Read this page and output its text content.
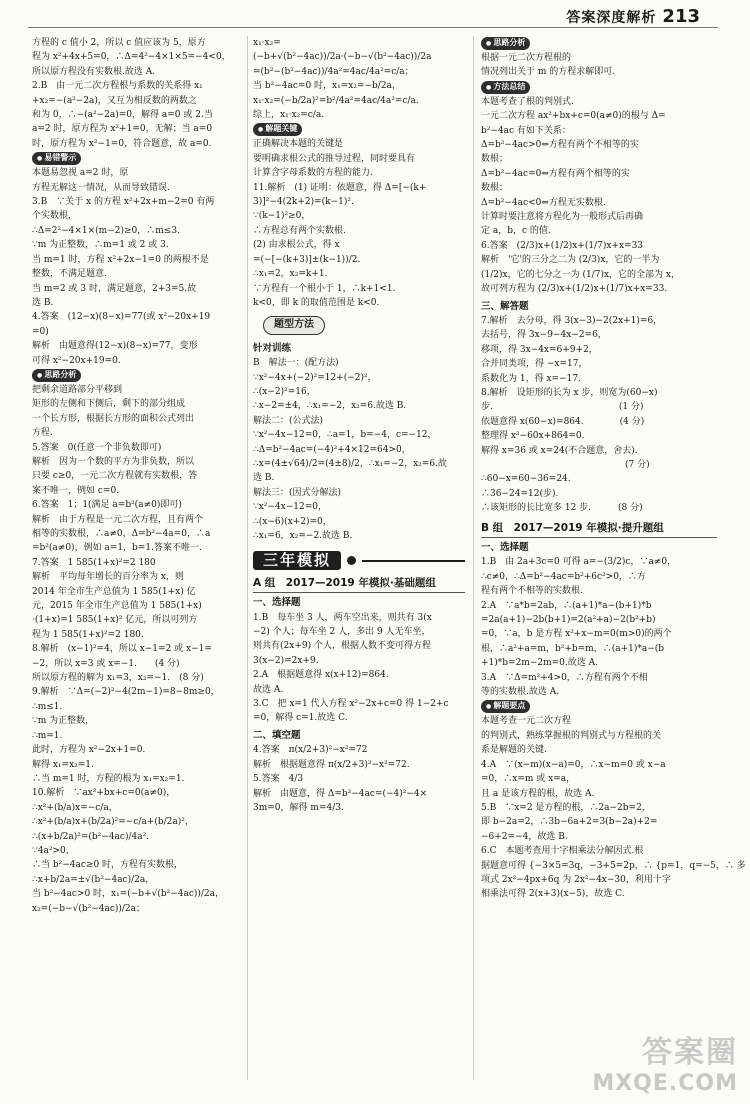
答案深度解析 213
方程的 c 值小 2，所以 c 值应该为 5，原方
程为 x²+4x+5=0，∴Δ=4²−4×1×5=−4<0，
所以原方程没有实数根.故选 A.
2.B　由一元二次方程根与系数的关系得 x₁
+x₂=−(a²−2a)，又互为相反数的两数之
和为 0，∴−(a²−2a)=0，解得 a=0 或 2.当
a=2 时，原方程为 x²+1=0，无解；当 a=0
时，原方程为 x²−1=0，符合题意，故 a=0.
● 易错警示
本题易忽视 a=2 时，原
方程无解这一情况，从而导致错误.
3.B　∵关于 x 的方程 x²+2x+m−2=0 有两
个实数根，
∴Δ=2²−4×1×(m−2)≥0，∴m≤3.
∵m 为正整数，∴m=1 或 2 或 3.
当 m=1 时，方程 x²+2x−1=0 的两根不是
整数，不满足题意.
当 m=2 或 3 时，满足题意，2+3=5.故
选 B.
4.答案　(12−x)(8−x)=77(或 x²−20x+19
=0)
解析　由题意得(12−x)(8−x)=77，变形
可得 x²−20x+19=0.
● 思路分析
把剩余道路部分平移到
矩形的左侧和下侧后，剩下的部分组成
一个长方形，根据长方形的面积公式列出
方程.
5.答案　0(任意一个非负数即可)
解析　因为一个数的平方为非负数，所以
只要 c≥0，一元二次方程就有实数根，答
案不唯一，例如 c=0.
6.答案　1；1(满足 a=b²(a≠0)即可)
解析　由于方程是一元二次方程，且有两个
相等的实数根，∴a≠0，Δ=b²−4a=0，∴a
=b²(a≠0)，例如 a=1，b=1.答案不唯一.
7.答案　1 585(1+x)²=2 180
解析　平均每年增长的百分率为 x，则
2014 年全市生产总值为 1 585(1+x) 亿
元，2015 年全市生产总值为 1 585(1+x)
·(1+x)=1 585(1+x)² 亿元，所以可列方
程为 1 585(1+x)²=2 180.
8.解析　(x−1)²=4，所以 x−1=2 或 x−1=
−2，所以 x=3 或 x=−1.　　(4 分)
所以原方程的解为 x₁=3，x₂=−1.　(8 分)
9.解析　∵Δ=(−2)²−4(2m−1)=8−8m≥0，
∴m≤1.
∵m 为正整数，
∴m=1.
此时，方程为 x²−2x+1=0.
解得 x₁=x₂=1.
∴当 m=1 时，方程的根为 x₁=x₂=1.
10.解析　∵ax²+bx+c=0(a≠0)，
∴x²+(b/a)x=−c/a，
∴x²+(b/a)x+(b/2a)²=−c/a+(b/2a)²，
∴(x+b/2a)²=(b²−4ac)/4a².
∵4a²>0，
∴当 b²−4ac≥0 时，方程有实数根，
∴x+b/2a=±√(b²−4ac)/2a，
当 b²−4ac>0 时，x₁=(−b+√(b²−4ac))/2a，
x₂=(−b−√(b²−4ac))/2a；
x₁·x₂=
(−b+√(b²−4ac))/2a·(−b−√(b²−4ac))/2a
=(b²−(b²−4ac))/4a²=4ac/4a²=c/a；
当 b²−4ac=0 时，x₁=x₂=−b/2a，
x₁·x₂=(−b/2a)²=b²/4a²=4ac/4a²=c/a.
综上，x₁·x₂=c/a.
● 解题关键
正确解决本题的关键是
要明确求根公式的推导过程，同时要具有
计算含字母系数的方程的能力.
11.解析　(1) 证明：依题意，得 Δ=[−(k+
3)]²−4(2k+2)=(k−1)².
∵(k−1)²≥0，
∴方程总有两个实数根.
(2) 由求根公式，得 x
=(−[−(k+3)]±(k−1))/2.
∴x₁=2，x₂=k+1.
∵方程有一个根小于 1，∴k+1<1.
k<0，即 k 的取值范围是 k<0.
题型方法
针对训练
B　解法一：(配方法)
∵x²−4x+(−2)²=12+(−2)²，
∴(x−2)²=16，
∴x−2=±4，∴x₁=−2，x₂=6.故选 B.
解法二：(公式法)
∵x²−4x−12=0，∴a=1，b=−4，c=−12，
∴Δ=b²−4ac=(−4)²+4×12=64>0，
∴x=(4±√64)/2=(4±8)/2，∴x₁=−2，x₂=6.故
选 B.
解法三：(因式分解法)
∵x²−4x−12=0，
∴(x−6)(x+2)=0，
∴x₁=6，x₂=−2.故选 B.
三年模拟
A 组　2017—2019 年模拟·基础题组
一、选择题
1.B　每车坐 3 人，两车空出来，则共有 3(x
−2) 个人；每车坐 2 人，多出 9 人无车坐，
则共有(2x+9) 个人，根据人数不变可得方程
3(x−2)=2x+9.
2.A　根据题意得 x(x+12)=864.
故选 A.
3.C　把 x=1 代入方程 x²−2x+c=0 得 1−2+c
=0，解得 c=1.故选 C.
二、填空题
4.答案　π(x/2+3)²−x²=72
解析　根据题意得 π(x/2+3)²−x²=72.
5.答案　4/3
解析　由题意，得 Δ=b²−4ac=(−4)²−4×
3m=0，解得 m=4/3.
● 思路分析
根据一元二次方程根的
情况列出关于 m 的方程求解即可.
● 方法总结
本题考查了根的判别式.
一元二次方程 ax²+bx+c=0(a≠0)的根与 Δ=
b²−4ac 有如下关系：
Δ=b²−4ac>0⇔方程有两个不相等的实
数根；
Δ=b²−4ac=0⇔方程有两个相等的实
数根；
Δ=b²−4ac<0⇔方程无实数根.
计算时要注意将方程化为一般形式后再确
定 a，b，c 的值.
6.答案　(2/3)x+(1/2)x+(1/7)x+x=33
解析　'它'的三分之二为 (2/3)x，它的一半为
(1/2)x，它的七分之一为 (1/7)x，它的全部为 x，
故可列方程为 (2/3)x+(1/2)x+(1/7)x+x=33.
三、解答题
7.解析　去分母，得 3(x−3)−2(2x+1)=6，
去括号，得 3x−9−4x−2=6，
移项，得 3x−4x=6+9+2，
合并同类项，得 −x=17，
系数化为 1，得 x=−17.
8.解析　设矩形的长为 x 步，则宽为(60−x)
步.　　　　　　　　　　　　　　(1 分)
依题意得 x(60−x)=864.　　　　(4 分)
整理得 x²−60x+864=0.
解得 x=36 或 x=24(不合题意，舍去).
　　　　　　　　　　　　　　　　(7 分)
∴60−x=60−36=24.
∴36−24=12(步).
∴该矩形的长比宽多 12 步.　　　(8 分)
B 组　2017—2019 年模拟·提升题组
一、选择题
1.B　由 2a+3c=0 可得 a=−(3/2)c，∵a≠0，
∴c≠0，∴Δ=b²−4ac=b²+6c²>0，∴方
程有两个不相等的实数根.
2.A　∵a*b=2ab，∴(a+1)*a−(b+1)*b
=2a(a+1)−2b(b+1)=2(a²+a)−2(b²+b)
=0，∵a，b 是方程 x²+x−m=0(m>0)的两个
根，∴a²+a=m，b²+b=m，∴(a+1)*a−(b
+1)*b=2m−2m=0.故选 A.
3.A　∵Δ=m²+4>0，∴方程有两个不相
等的实数根.故选 A.
● 解题要点
本题考查一元二次方程
的判别式，熟练掌握根的判别式与方程根的关
系是解题的关键.
4.A　∵(x−m)(x−a)=0，∴x−m=0 或 x−a
=0，∴x=m 或 x=a，
且 a 是该方程的根，故选 A.
5.B　∵x=2 是方程的根，∴2a−2b=2，
即 b−2a=2，∴3b−6a+2=3(b−2a)+2=
−6+2=−4，故选 B.
6.C　本题考查用十字相乘法分解因式.根
据题意可得 {−3×5=3q，−3+5=2p，∴ {p=1，q=−5，∴ 多
项式 2x²−4px+6q 为 2x²−4x−30，利用十字
相乘法可得 2(x+3)(x−5)，故选 C.
答案圈
MXQE.COM
